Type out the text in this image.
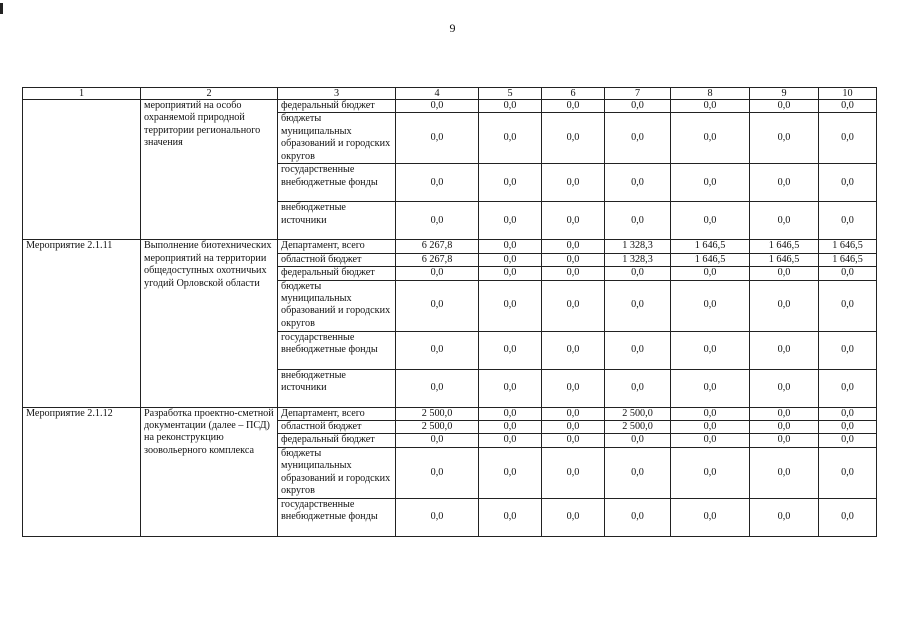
9
1	2	3	4	5	6	7	8	9	10
	мероприятий на особо охраняемой природной территории регионального значения	федеральный бюджет	0,0	0,0	0,0	0,0	0,0	0,0	0,0
		бюджеты муниципальных образований и городских округов	0,0	0,0	0,0	0,0	0,0	0,0	0,0
		государственные внебюджетные фонды	0,0	0,0	0,0	0,0	0,0	0,0	0,0
		внебюджетные источники	0,0	0,0	0,0	0,0	0,0	0,0	0,0
Мероприятие 2.1.11	Выполнение биотехнических мероприятий на территории общедоступных охотничьих угодий Орловской области	Департамент, всего	6 267,8	0,0	0,0	1 328,3	1 646,5	1 646,5	1 646,5
		областной бюджет	6 267,8	0,0	0,0	1 328,3	1 646,5	1 646,5	1 646,5
		федеральный бюджет	0,0	0,0	0,0	0,0	0,0	0,0	0,0
		бюджеты муниципальных образований и городских округов	0,0	0,0	0,0	0,0	0,0	0,0	0,0
		государственные внебюджетные фонды	0,0	0,0	0,0	0,0	0,0	0,0	0,0
		внебюджетные источники	0,0	0,0	0,0	0,0	0,0	0,0	0,0
Мероприятие 2.1.12	Разработка проектно-сметной документации (далее – ПСД) на реконструкцию зоовольерного комплекса	Департамент, всего	2 500,0	0,0	0,0	2 500,0	0,0	0,0	0,0
		областной бюджет	2 500,0	0,0	0,0	2 500,0	0,0	0,0	0,0
		федеральный бюджет	0,0	0,0	0,0	0,0	0,0	0,0	0,0
		бюджеты муниципальных образований и городских округов	0,0	0,0	0,0	0,0	0,0	0,0	0,0
		государственные внебюджетные фонды	0,0	0,0	0,0	0,0	0,0	0,0	0,0
